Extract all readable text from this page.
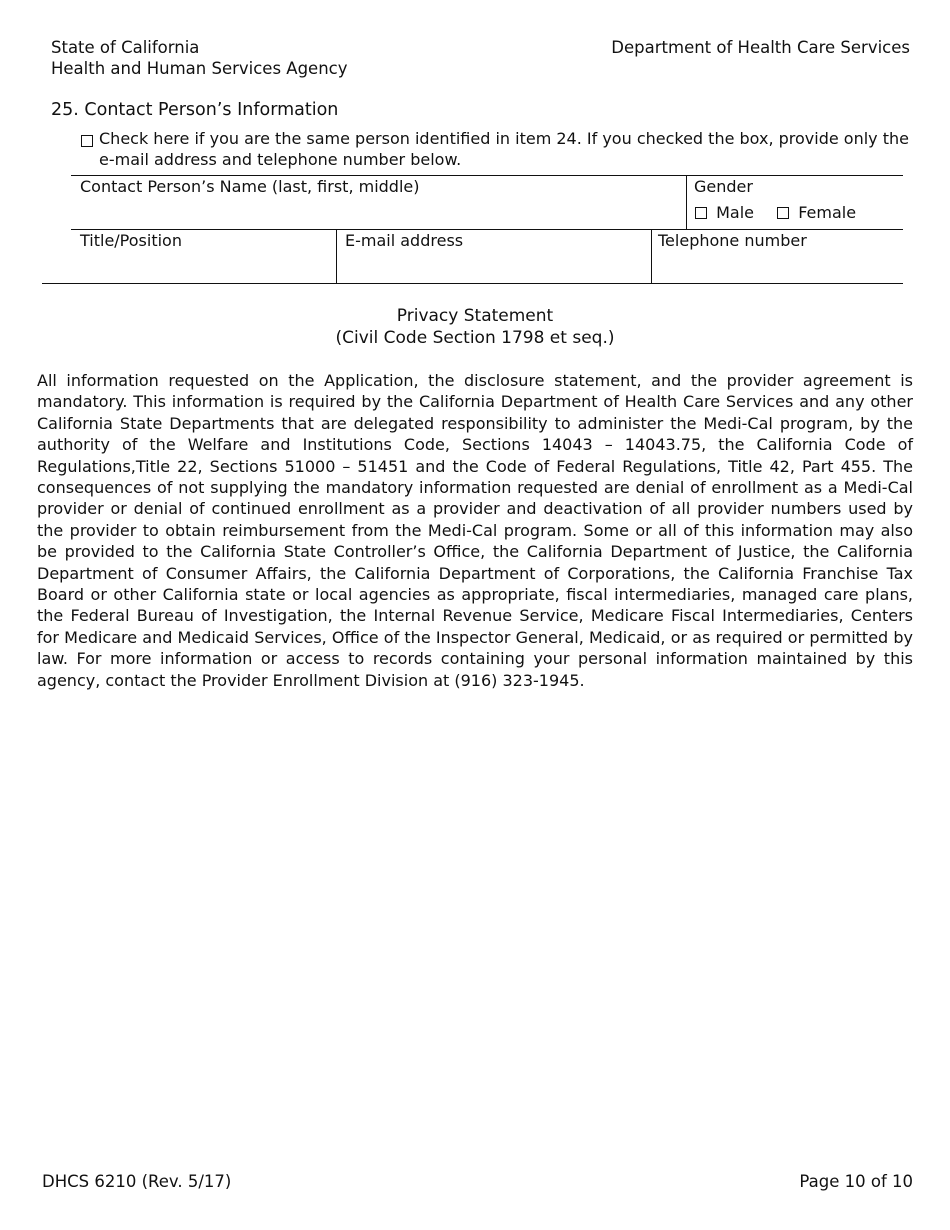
State of California
Health and Human Services Agency
Department of Health Care Services
25. Contact Person’s Information
Check here if you are the same person identified in item 24. If you checked the box, provide only the e-mail address and telephone number below.
Contact Person’s Name (last, first, middle)	Gender
Male	Female
Title/Position	E-mail address	Telephone number
Privacy Statement
(Civil Code Section 1798 et seq.)
All information requested on the Application, the disclosure statement, and the provider agreement is mandatory. This information is required by the California Department of Health Care Services and any other California State Departments that are delegated responsibility to administer the Medi-Cal program, by the authority of the Welfare and Institutions Code, Sections 14043 – 14043.75, the California Code of Regulations,Title 22, Sections 51000 – 51451 and the Code of Federal Regulations, Title 42, Part 455. The consequences of not supplying the mandatory information requested are denial of enrollment as a Medi-Cal provider or denial of continued enrollment as a provider and deactivation of all provider numbers used by the provider to obtain reimbursement from the Medi-Cal program. Some or all of this information may also be provided to the California State Controller’s Office, the California Department of Justice, the California Department of Consumer Affairs, the California Department of Corporations, the California Franchise Tax Board or other California state or local agencies as appropriate, fiscal intermediaries, managed care plans, the Federal Bureau of Investigation, the Internal Revenue Service, Medicare Fiscal Intermediaries, Centers for Medicare and Medicaid Services, Office of the Inspector General, Medicaid, or as required or permitted by law. For more information or access to records containing your personal information maintained by this agency, contact the Provider Enrollment Division at (916) 323-1945.
DHCS 6210 (Rev. 5/17)	Page 10 of 10
